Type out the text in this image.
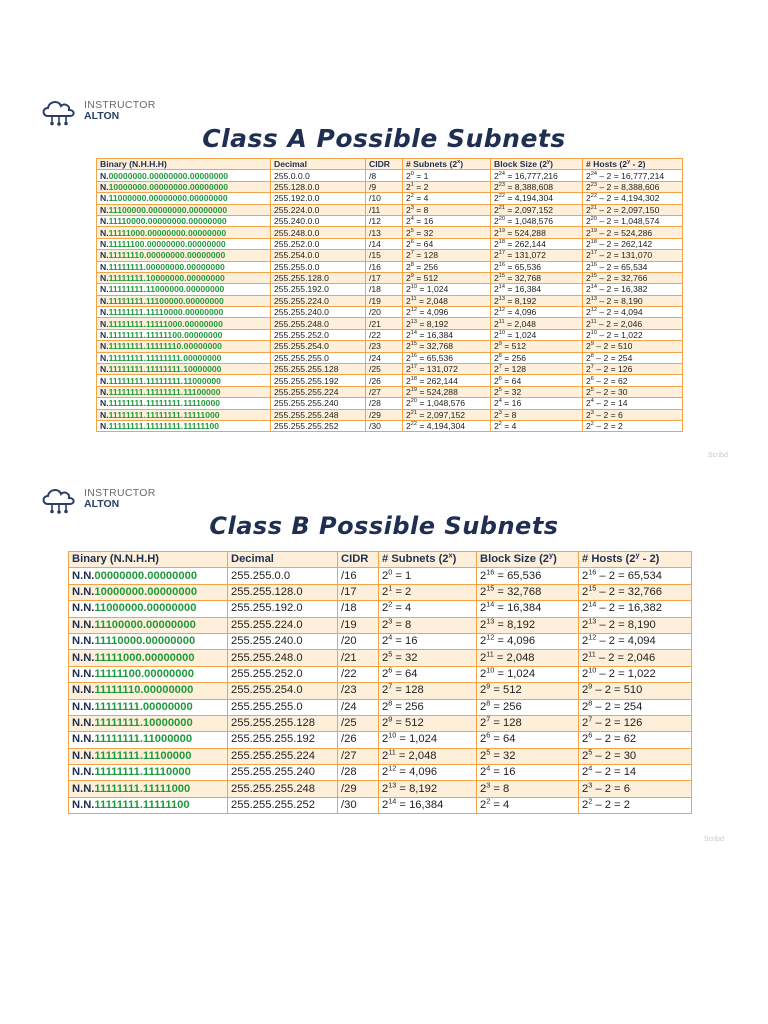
INSTRUCTOR
ALTON
Class A Possible Subnets
Binary (N.H.H.H)	Decimal	CIDR	# Subnets (2$^x$)	Block Size (2$^y$)	# Hosts (2$^y$ - 2)
N.00000000.00000000.00000000	255.0.0.0	/8	$2^0 = 1$	$2^{24} = 16,777,216$	$2^{24} - 2 = 16,777,214$
N.10000000.00000000.00000000	255.128.0.0	/9	$2^1 = 2$	$2^{23} = 8,388,608$	$2^{23} - 2 = 8,388,606$
N.11000000.00000000.00000000	255.192.0.0	/10	$2^2 = 4$	$2^{22} = 4,194,304$	$2^{22} - 2 = 4,194,302$
N.11100000.00000000.00000000	255.224.0.0	/11	$2^3 = 8$	$2^{21} = 2,097,152$	$2^{21} - 2 = 2,097,150$
N.11110000.00000000.00000000	255.240.0.0	/12	$2^4 = 16$	$2^{20} = 1,048,576$	$2^{20} - 2 = 1,048,574$
N.11111000.00000000.00000000	255.248.0.0	/13	$2^5 = 32$	$2^{19} = 524,288$	$2^{19} - 2 = 524,286$
N.11111100.00000000.00000000	255.252.0.0	/14	$2^6 = 64$	$2^{18} = 262,144$	$2^{18} - 2 = 262,142$
N.11111110.00000000.00000000	255.254.0.0	/15	$2^7 = 128$	$2^{17} = 131,072$	$2^{17} - 2 = 131,070$
N.11111111.00000000.00000000	255.255.0.0	/16	$2^8 = 256$	$2^{16} = 65,536$	$2^{16} - 2 = 65,534$
N.11111111.10000000.00000000	255.255.128.0	/17	$2^9 = 512$	$2^{15} = 32,768$	$2^{15} - 2 = 32,766$
N.11111111.11000000.00000000	255.255.192.0	/18	$2^{10} = 1,024$	$2^{14} = 16,384$	$2^{14} - 2 = 16,382$
N.11111111.11100000.00000000	255.255.224.0	/19	$2^{11} = 2,048$	$2^{13} = 8,192$	$2^{13} - 2 = 8,190$
N.11111111.11110000.00000000	255.255.240.0	/20	$2^{12} = 4,096$	$2^{12} = 4,096$	$2^{12} - 2 = 4,094$
N.11111111.11111000.00000000	255.255.248.0	/21	$2^{13} = 8,192$	$2^{11} = 2,048$	$2^{11} - 2 = 2,046$
N.11111111.11111100.00000000	255.255.252.0	/22	$2^{14} = 16,384$	$2^{10} = 1,024$	$2^{10} - 2 = 1,022$
N.11111111.11111110.00000000	255.255.254.0	/23	$2^{15} = 32,768$	$2^9 = 512$	$2^9 - 2 = 510$
N.11111111.11111111.00000000	255.255.255.0	/24	$2^{16} = 65,536$	$2^8 = 256$	$2^8 - 2 = 254$
N.11111111.11111111.10000000	255.255.255.128	/25	$2^{17} = 131,072$	$2^7 = 128$	$2^7 - 2 = 126$
N.11111111.11111111.11000000	255.255.255.192	/26	$2^{18} = 262,144$	$2^6 = 64$	$2^6 - 2 = 62$
N.11111111.11111111.11100000	255.255.255.224	/27	$2^{19} = 524,288$	$2^5 = 32$	$2^5 - 2 = 30$
N.11111111.11111111.11110000	255.255.255.240	/28	$2^{20} = 1,048,576$	$2^4 = 16$	$2^4 - 2 = 14$
N.11111111.11111111.11111000	255.255.255.248	/29	$2^{21} = 2,097,152$	$2^3 = 8$	$2^3 - 2 = 6$
N.11111111.11111111.11111100	255.255.255.252	/30	$2^{22} = 4,194,304$	$2^2 = 4$	$2^2 - 2 = 2$
Scribd
INSTRUCTOR
ALTON
Class B Possible Subnets
Binary (N.N.H.H)	Decimal	CIDR	# Subnets (2$^x$)	Block Size (2$^y$)	# Hosts (2$^y$ - 2)
N.N.00000000.00000000	255.255.0.0	/16	$2^0 = 1$	$2^{16} = 65,536$	$2^{16} - 2 = 65,534$
N.N.10000000.00000000	255.255.128.0	/17	$2^1 = 2$	$2^{15} = 32,768$	$2^{15} - 2 = 32,766$
N.N.11000000.00000000	255.255.192.0	/18	$2^2 = 4$	$2^{14} = 16,384$	$2^{14} - 2 = 16,382$
N.N.11100000.00000000	255.255.224.0	/19	$2^3 = 8$	$2^{13} = 8,192$	$2^{13} - 2 = 8,190$
N.N.11110000.00000000	255.255.240.0	/20	$2^4 = 16$	$2^{12} = 4,096$	$2^{12} - 2 = 4,094$
N.N.11111000.00000000	255.255.248.0	/21	$2^5 = 32$	$2^{11} = 2,048$	$2^{11} - 2 = 2,046$
N.N.11111100.00000000	255.255.252.0	/22	$2^6 = 64$	$2^{10} = 1,024$	$2^{10} - 2 = 1,022$
N.N.11111110.00000000	255.255.254.0	/23	$2^7 = 128$	$2^9 = 512$	$2^9 - 2 = 510$
N.N.11111111.00000000	255.255.255.0	/24	$2^8 = 256$	$2^8 = 256$	$2^8 - 2 = 254$
N.N.11111111.10000000	255.255.255.128	/25	$2^9 = 512$	$2^7 = 128$	$2^7 - 2 = 126$
N.N.11111111.11000000	255.255.255.192	/26	$2^{10} = 1,024$	$2^6 = 64$	$2^6 - 2 = 62$
N.N.11111111.11100000	255.255.255.224	/27	$2^{11} = 2,048$	$2^5 = 32$	$2^5 - 2 = 30$
N.N.11111111.11110000	255.255.255.240	/28	$2^{12} = 4,096$	$2^4 = 16$	$2^4 - 2 = 14$
N.N.11111111.11111000	255.255.255.248	/29	$2^{13} = 8,192$	$2^3 = 8$	$2^3 - 2 = 6$
N.N.11111111.11111100	255.255.255.252	/30	$2^{14} = 16,384$	$2^2 = 4$	$2^2 - 2 = 2$
Scribd
